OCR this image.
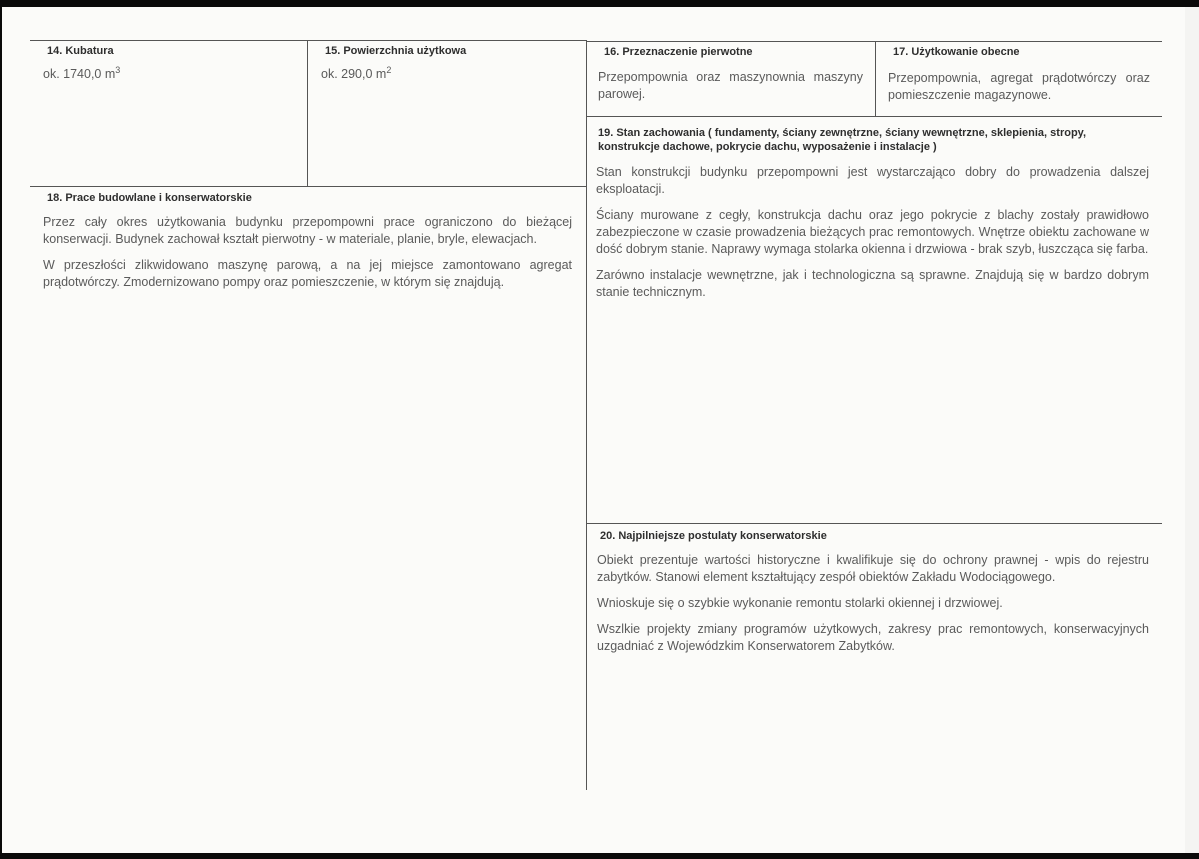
14. Kubatura
ok. 1740,0 $m^3$
15. Powierzchnia użytkowa
ok. 290,0 $m^2$
16. Przeznaczenie pierwotne

Przepompownia oraz maszynownia maszyny parowej.

17. Użytkowanie obecne

Przepompownia, agregat prądotwórczy oraz pomieszczenie magazynowe.

18. Prace budowlane i konserwatorskie

Przez cały okres użytkowania budynku przepompowni prace ograniczono do bieżącej konserwacji. Budynek zachował kształt pierwotny - w materiale, planie, bryle, elewacjach.

W przeszłości zlikwidowano maszynę parową, a na jej miejsce zamontowano agregat prądotwórczy. Zmodernizowano pompy oraz pomieszczenie, w którym się znajdują.

19. Stan zachowania ( fundamenty, ściany zewnętrzne, ściany wewnętrzne, sklepienia, stropy, konstrukcje dachowe, pokrycie dachu, wyposażenie i instalacje )

Stan konstrukcji budynku przepompowni jest wystarczająco dobry do prowadzenia dalszej eksploatacji.

Ściany murowane z cegły, konstrukcja dachu oraz jego pokrycie z blachy zostały prawidłowo zabezpieczone w czasie prowadzenia bieżących prac remontowych. Wnętrze obiektu zachowane w dość dobrym stanie. Naprawy wymaga stolarka okienna i drzwiowa - brak szyb, łuszcząca się farba.

Zarówno instalacje wewnętrzne, jak i technologiczna są sprawne. Znajdują się w bardzo dobrym stanie technicznym.

20. Najpilniejsze postulaty konserwatorskie

Obiekt prezentuje wartości historyczne i kwalifikuje się do ochrony prawnej - wpis do rejestru zabytków. Stanowi element kształtujący zespół obiektów Zakładu Wodociągowego.

Wnioskuje się o szybkie wykonanie remontu stolarki okiennej i drzwiowej.

Wszlkie projekty zmiany programów użytkowych, zakresy prac remontowych, konserwacyjnych uzgadniać z Wojewódzkim Konserwatorem Zabytków.
